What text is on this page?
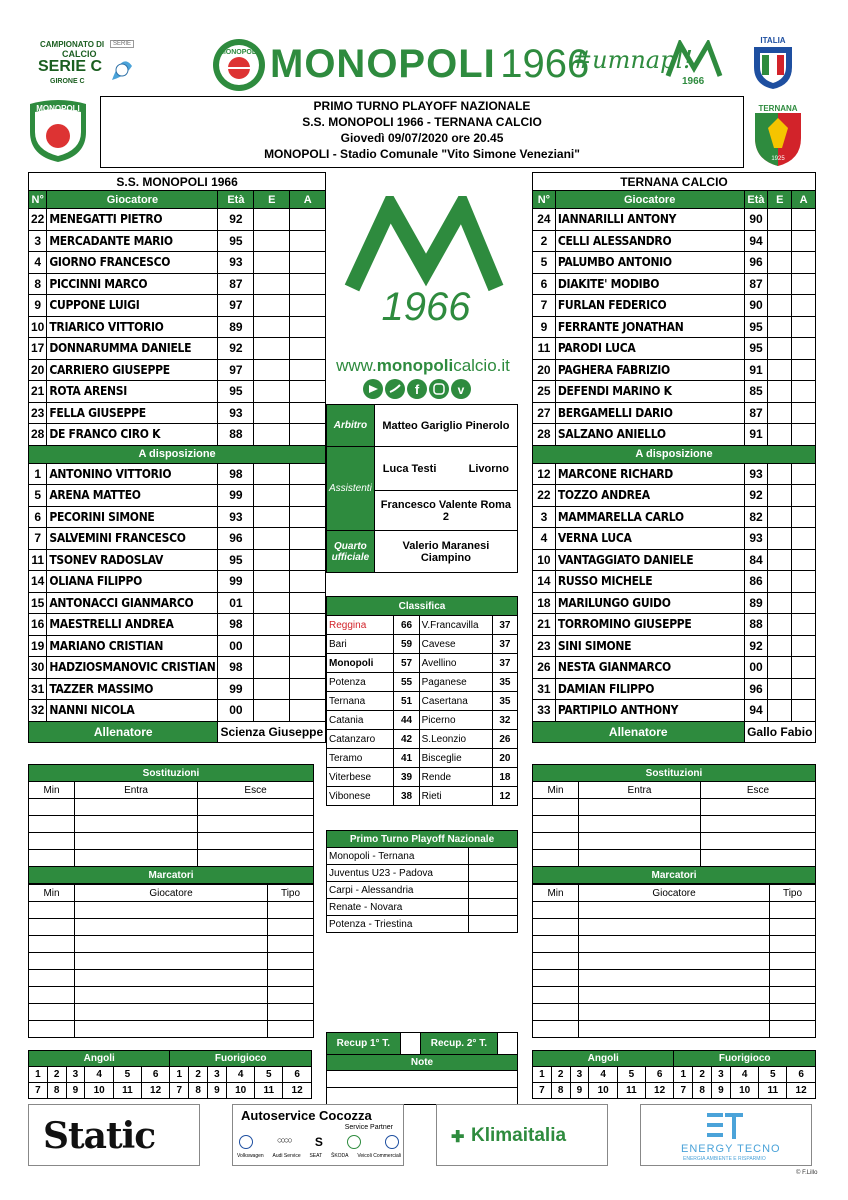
CAMPIONATO DI
CALCIO
SERIE C
GIRONE C
SERIE
MONOPOLI MONOPOLI 1966
#umnapl!
1966
ITALIA
MONOPOLI	PRIMO TURNO PLAYOFF NAZIONALE
S.S. MONOPOLI 1966 - TERNANA CALCIO
Giovedì 09/07/2020 ore 20.45
MONOPOLI - Stadio Comunale "Vito Simone Veneziani"
TERNANA
1925
S.S. MONOPOLI 1966				
N°	Giocatore	Età	E	A
22	MENEGATTI PIETRO	92		
3	MERCADANTE MARIO	95		
4	GIORNO FRANCESCO	93		
8	PICCINNI MARCO	87		
9	CUPPONE LUIGI	97		
10	TRIARICO VITTORIO	89		
17	DONNARUMMA DANIELE	92		
20	CARRIERO GIUSEPPE	97		
21	ROTA ARENSI	95		
23	FELLA GIUSEPPE	93		
28	DE FRANCO CIRO K	88		
A disposizione				
1	ANTONINO VITTORIO	98		
5	ARENA MATTEO	99		
6	PECORINI SIMONE	93		
7	SALVEMINI FRANCESCO	96		
11	TSONEV RADOSLAV	95		
14	OLIANA FILIPPO	99		
15	ANTONACCI GIANMARCO	01		
16	MAESTRELLI ANDREA	98		
19	MARIANO CRISTIAN	00		
30	HADZIOSMANOVIC CRISTIAN	98		
31	TAZZER MASSIMO	99		
32	NANNI NICOLA	00		
Allenatore		Scienza Giuseppe		
TERNANA CALCIO				
N°	Giocatore	Età	E	A
24	IANNARILLI ANTONY	90		
2	CELLI ALESSANDRO	94		
5	PALUMBO ANTONIO	96		
6	DIAKITE' MODIBO	87		
7	FURLAN FEDERICO	90		
9	FERRANTE JONATHAN	95		
11	PARODI LUCA	95		
20	PAGHERA FABRIZIO	91		
25	DEFENDI MARINO K	85		
27	BERGAMELLI DARIO	87		
28	SALZANO ANIELLO	91		
A disposizione				
12	MARCONE RICHARD	93		
22	TOZZO ANDREA	92		
3	MAMMARELLA CARLO	82		
4	VERNA LUCA	93		
10	VANTAGGIATO DANIELE	84		
14	RUSSO MICHELE	86		
18	MARILUNGO GUIDO	89		
21	TORROMINO GIUSEPPE	88		
23	SINI SIMONE	92		
26	NESTA GIANMARCO	00		
31	DAMIAN FILIPPO	96		
33	PARTIPILO ANTHONY	94		
Allenatore		Gallo Fabio		
1966
www.monopolicalcio.it
f	v
Arbitro	Matteo Gariglio Pinerolo
Assistenti	Luca Testi Livorno

	Francesco Valente Roma 2
Quarto ufficiale	Valerio Maranesi Ciampino
Classifica			
Reggina	66	V.Francavilla	37
Bari	59	Cavese	37
Monopoli	57	Avellino	37
Potenza	55	Paganese	35
Ternana	51	Casertana	35
Catania	44	Picerno	32
Catanzaro	42	S.Leonzio	26
Teramo	41	Bisceglie	20
Viterbese	39	Rende	18
Vibonese	38	Rieti	12
Primo Turno Playoff Nazionale	
Monopoli - Ternana	
Juventus U23 - Padova	
Carpi - Alessandria	
Renate - Novara	
Potenza - Triestina	
Recup 1° T.		Recup. 2° T.	
Note

Sostituzioni		
Min	Entra	Esce

Marcatori		
Min	Giocatore	Tipo

Sostituzioni		
Min	Entra	Esce

Marcatori		
Min	Giocatore	Tipo

Angoli						Fuorigioco					
1	2	3	4	5	6	1	2	3	4	5	6
7	8	9	10	11	12	7	8	9	10	11	12
Angoli						Fuorigioco					
1	2	3	4	5	6	1	2	3	4	5	6
7	8	9	10	11	12	7	8	9	10	11	12
Static	Autoservice Cocozza
Service Partner
○○○○ S
Volkswagen Audi Service SEAT ŠKODA Veicoli Commerciali
✚ Klimaitalia
ENERGY TECNO
ENERGIA AMBIENTE E RISPARMIO
© F.Lillo
